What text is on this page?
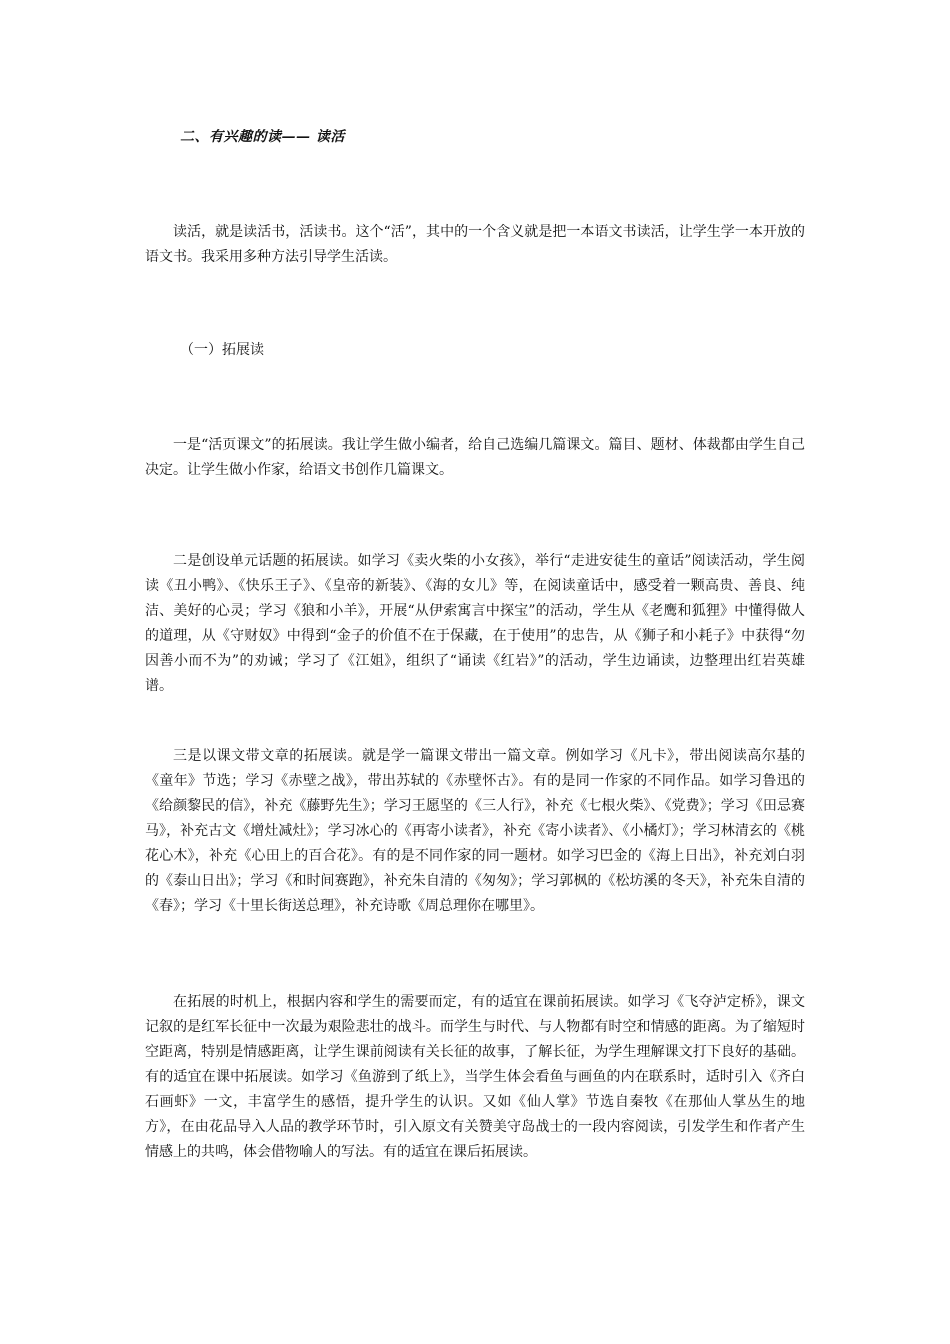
二、有兴趣的读—— 读活

读活，就是读活书，活读书。这个“活”，其中的一个含义就是把一本语文书读活，让学生学一本开放的语文书。我采用多种方法引导学生活读。

（一）拓展读

一是“活页课文”的拓展读。我让学生做小编者，给自己选编几篇课文。篇目、题材、体裁都由学生自己决定。让学生做小作家，给语文书创作几篇课文。

二是创设单元话题的拓展读。如学习《卖火柴的小女孩》，举行“走进安徒生的童话”阅读活动，学生阅读《丑小鸭》、《快乐王子》、《皇帝的新装》、《海的女儿》等，在阅读童话中，感受着一颗高贵、善良、纯洁、美好的心灵；学习《狼和小羊》，开展“从伊索寓言中探宝”的活动，学生从《老鹰和狐狸》中懂得做人的道理，从《守财奴》中得到“金子的价值不在于保藏，在于使用”的忠告，从《狮子和小耗子》中获得“勿因善小而不为”的劝诫；学习了《江姐》，组织了“诵读《红岩》”的活动，学生边诵读，边整理出红岩英雄谱。

三是以课文带文章的拓展读。就是学一篇课文带出一篇文章。例如学习《凡卡》，带出阅读高尔基的《童年》节选；学习《赤壁之战》，带出苏轼的《赤壁怀古》。有的是同一作家的不同作品。如学习鲁迅的《给颜黎民的信》，补充《藤野先生》；学习王愿坚的《三人行》，补充《七根火柴》、《党费》；学习《田忌赛马》，补充古文《增灶减灶》；学习冰心的《再寄小读者》，补充《寄小读者》、《小橘灯》；学习林清玄的《桃花心木》，补充《心田上的百合花》。有的是不同作家的同一题材。如学习巴金的《海上日出》，补充刘白羽的《泰山日出》；学习《和时间赛跑》，补充朱自清的《匆匆》；学习郭枫的《松坊溪的冬天》，补充朱自清的《春》；学习《十里长街送总理》，补充诗歌《周总理你在哪里》。

在拓展的时机上，根据内容和学生的需要而定，有的适宜在课前拓展读。如学习《飞夺泸定桥》，课文记叙的是红军长征中一次最为艰险悲壮的战斗。而学生与时代、与人物都有时空和情感的距离。为了缩短时空距离，特别是情感距离，让学生课前阅读有关长征的故事，了解长征，为学生理解课文打下良好的基础。有的适宜在课中拓展读。如学习《鱼游到了纸上》，当学生体会看鱼与画鱼的内在联系时，适时引入《齐白石画虾》一文，丰富学生的感悟，提升学生的认识。又如《仙人掌》节选自秦牧《在那仙人掌丛生的地方》，在由花品导入人品的教学环节时，引入原文有关赞美守岛战士的一段内容阅读，引发学生和作者产生情感上的共鸣，体会借物喻人的写法。有的适宜在课后拓展读。
